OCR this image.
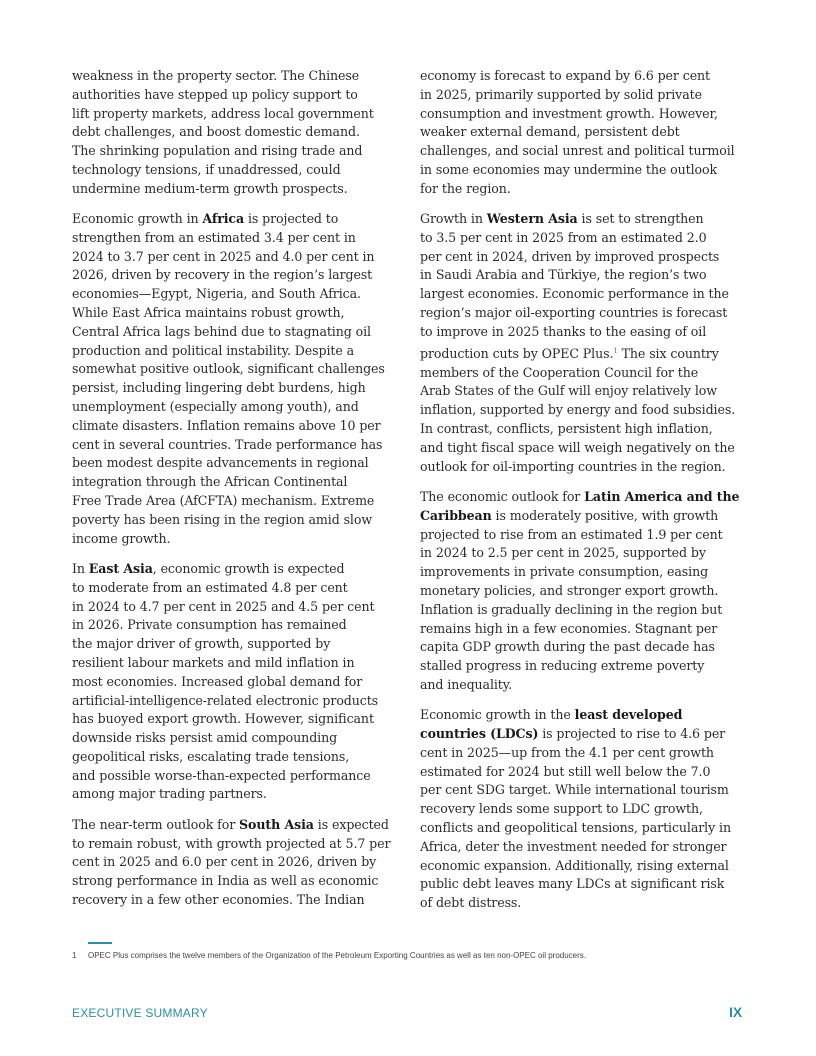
weakness in the property sector. The Chinese
authorities have stepped up policy support to
lift property markets, address local government
debt challenges, and boost domestic demand.
The shrinking population and rising trade and
technology tensions, if unaddressed, could
undermine medium-term growth prospects.
Economic growth in Africa is projected to
strengthen from an estimated 3.4 per cent in
2024 to 3.7 per cent in 2025 and 4.0 per cent in
2026, driven by recovery in the region’s largest
economies—Egypt, Nigeria, and South Africa.
While East Africa maintains robust growth,
Central Africa lags behind due to stagnating oil
production and political instability. Despite a
somewhat positive outlook, significant challenges
persist, including lingering debt burdens, high
unemployment (especially among youth), and
climate disasters. Inflation remains above 10 per
cent in several countries. Trade performance has
been modest despite advancements in regional
integration through the African Continental
Free Trade Area (AfCFTA) mechanism. Extreme
poverty has been rising in the region amid slow
income growth.
In East Asia, economic growth is expected
to moderate from an estimated 4.8 per cent
in 2024 to 4.7 per cent in 2025 and 4.5 per cent
in 2026. Private consumption has remained
the major driver of growth, supported by
resilient labour markets and mild inflation in
most economies. Increased global demand for
artificial-intelligence-related electronic products
has buoyed export growth. However, significant
downside risks persist amid compounding
geopolitical risks, escalating trade tensions,
and possible worse-than-expected performance
among major trading partners.
The near-term outlook for South Asia is expected
to remain robust, with growth projected at 5.7 per
cent in 2025 and 6.0 per cent in 2026, driven by
strong performance in India as well as economic
recovery in a few other economies. The Indian
economy is forecast to expand by 6.6 per cent
in 2025, primarily supported by solid private
consumption and investment growth. However,
weaker external demand, persistent debt
challenges, and social unrest and political turmoil
in some economies may undermine the outlook
for the region.
Growth in Western Asia is set to strengthen
to 3.5 per cent in 2025 from an estimated 2.0
per cent in 2024, driven by improved prospects
in Saudi Arabia and Türkiye, the region’s two
largest economies. Economic performance in the
region’s major oil-exporting countries is forecast
to improve in 2025 thanks to the easing of oil
production cuts by OPEC Plus.$^1$ The six country
members of the Cooperation Council for the
Arab States of the Gulf will enjoy relatively low
inflation, supported by energy and food subsidies.
In contrast, conflicts, persistent high inflation,
and tight fiscal space will weigh negatively on the
outlook for oil-importing countries in the region.
The economic outlook for Latin America and the
Caribbean is moderately positive, with growth
projected to rise from an estimated 1.9 per cent
in 2024 to 2.5 per cent in 2025, supported by
improvements in private consumption, easing
monetary policies, and stronger export growth.
Inflation is gradually declining in the region but
remains high in a few economies. Stagnant per
capita GDP growth during the past decade has
stalled progress in reducing extreme poverty
and inequality.
Economic growth in the least developed
countries (LDCs) is projected to rise to 4.6 per
cent in 2025—up from the 4.1 per cent growth
estimated for 2024 but still well below the 7.0
per cent SDG target. While international tourism
recovery lends some support to LDC growth,
conflicts and geopolitical tensions, particularly in
Africa, deter the investment needed for stronger
economic expansion. Additionally, rising external
public debt leaves many LDCs at significant risk
of debt distress.
1 OPEC Plus comprises the twelve members of the Organization of the Petroleum Exporting Countries as well as ten non-OPEC oil producers.
EXECUTIVE SUMMARY	IX
